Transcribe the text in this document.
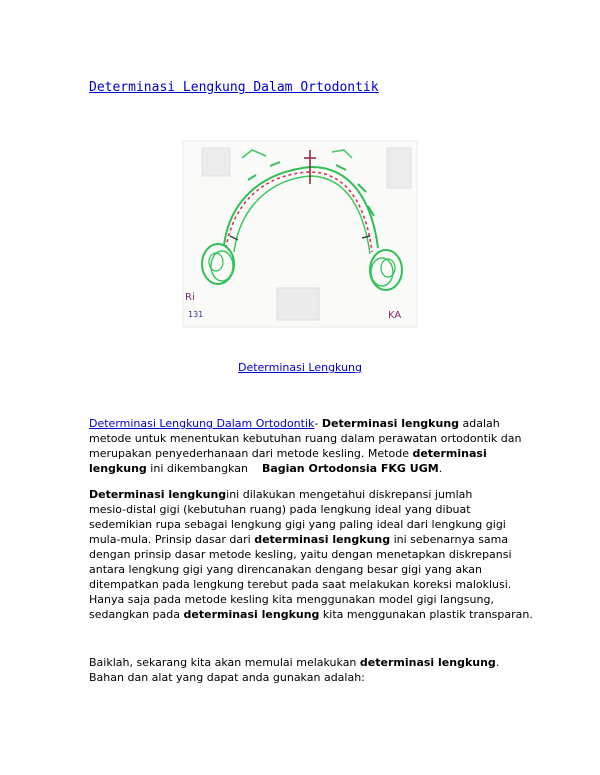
Determinasi Lengkung Dalam Ortodontik
Ri
131	KA
Determinasi Lengkung
Determinasi Lengkung Dalam Ortodontik- Determinasi lengkung adalah
metode untuk menentukan kebutuhan ruang dalam perawatan ortodontik dan
merupakan penyederhanaan dari metode kesling. Metode determinasi
lengkung ini dikembangkan    Bagian Ortodonsia FKG UGM.
Determinasi lengkungini dilakukan mengetahui diskrepansi jumlah
mesio-distal gigi (kebutuhan ruang) pada lengkung ideal yang dibuat
sedemikian rupa sebagai lengkung gigi yang paling ideal dari lengkung gigi
mula-mula. Prinsip dasar dari determinasi lengkung ini sebenarnya sama
dengan prinsip dasar metode kesling, yaitu dengan menetapkan diskrepansi
antara lengkung gigi yang direncanakan dengang besar gigi yang akan
ditempatkan pada lengkung terebut pada saat melakukan koreksi maloklusi.
Hanya saja pada metode kesling kita menggunakan model gigi langsung,
sedangkan pada determinasi lengkung kita menggunakan plastik transparan.
Baiklah, sekarang kita akan memulai melakukan determinasi lengkung.
Bahan dan alat yang dapat anda gunakan adalah:
